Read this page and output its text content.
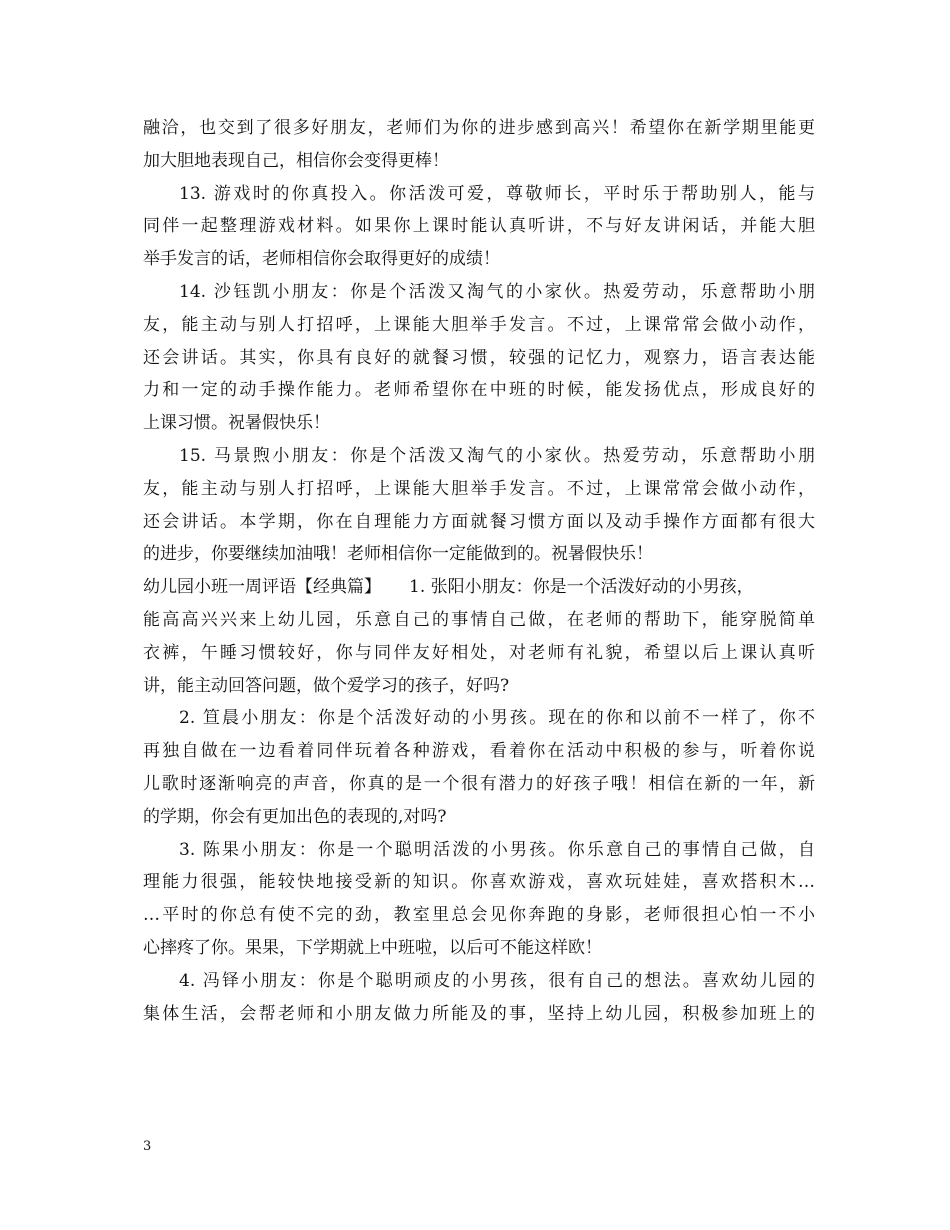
融洽，也交到了很多好朋友，老师们为你的进步感到高兴！希望你在新学期里能更
加大胆地表现自己，相信你会变得更棒！
13. 游戏时的你真投入。你活泼可爱，尊敬师长，平时乐于帮助别人，能与
同伴一起整理游戏材料。如果你上课时能认真听讲，不与好友讲闲话，并能大胆
举手发言的话，老师相信你会取得更好的成绩！
14. 沙钰凯小朋友：你是个活泼又淘气的小家伙。热爱劳动，乐意帮助小朋
友，能主动与别人打招呼，上课能大胆举手发言。不过，上课常常会做小动作，
还会讲话。其实，你具有良好的就餐习惯，较强的记忆力，观察力，语言表达能
力和一定的动手操作能力。老师希望你在中班的时候，能发扬优点，形成良好的
上课习惯。祝暑假快乐！
15. 马景煦小朋友：你是个活泼又淘气的小家伙。热爱劳动，乐意帮助小朋
友，能主动与别人打招呼，上课能大胆举手发言。不过，上课常常会做小动作，
还会讲话。本学期，你在自理能力方面就餐习惯方面以及动手操作方面都有很大
的进步，你要继续加油哦！老师相信你一定能做到的。祝暑假快乐！
幼儿园小班一周评语【经典篇】 1. 张阳小朋友：你是一个活泼好动的小男孩，
能高高兴兴来上幼儿园，乐意自己的事情自己做，在老师的帮助下，能穿脱简单
衣裤，午睡习惯较好，你与同伴友好相处，对老师有礼貌，希望以后上课认真听
讲，能主动回答问题，做个爱学习的孩子，好吗?
2. 笪晨小朋友：你是个活泼好动的小男孩。现在的你和以前不一样了，你不
再独自做在一边看着同伴玩着各种游戏，看着你在活动中积极的参与，听着你说
儿歌时逐渐响亮的声音，你真的是一个很有潜力的好孩子哦！相信在新的一年，新
的学期，你会有更加出色的表现的,对吗?
3. 陈果小朋友：你是一个聪明活泼的小男孩。你乐意自己的事情自己做，自
理能力很强，能较快地接受新的知识。你喜欢游戏，喜欢玩娃娃，喜欢搭积木…
…平时的你总有使不完的劲，教室里总会见你奔跑的身影，老师很担心怕一不小
心摔疼了你。果果，下学期就上中班啦，以后可不能这样欧！
4. 冯铎小朋友：你是个聪明顽皮的小男孩，很有自己的想法。喜欢幼儿园的
集体生活，会帮老师和小朋友做力所能及的事，坚持上幼儿园，积极参加班上的
3
